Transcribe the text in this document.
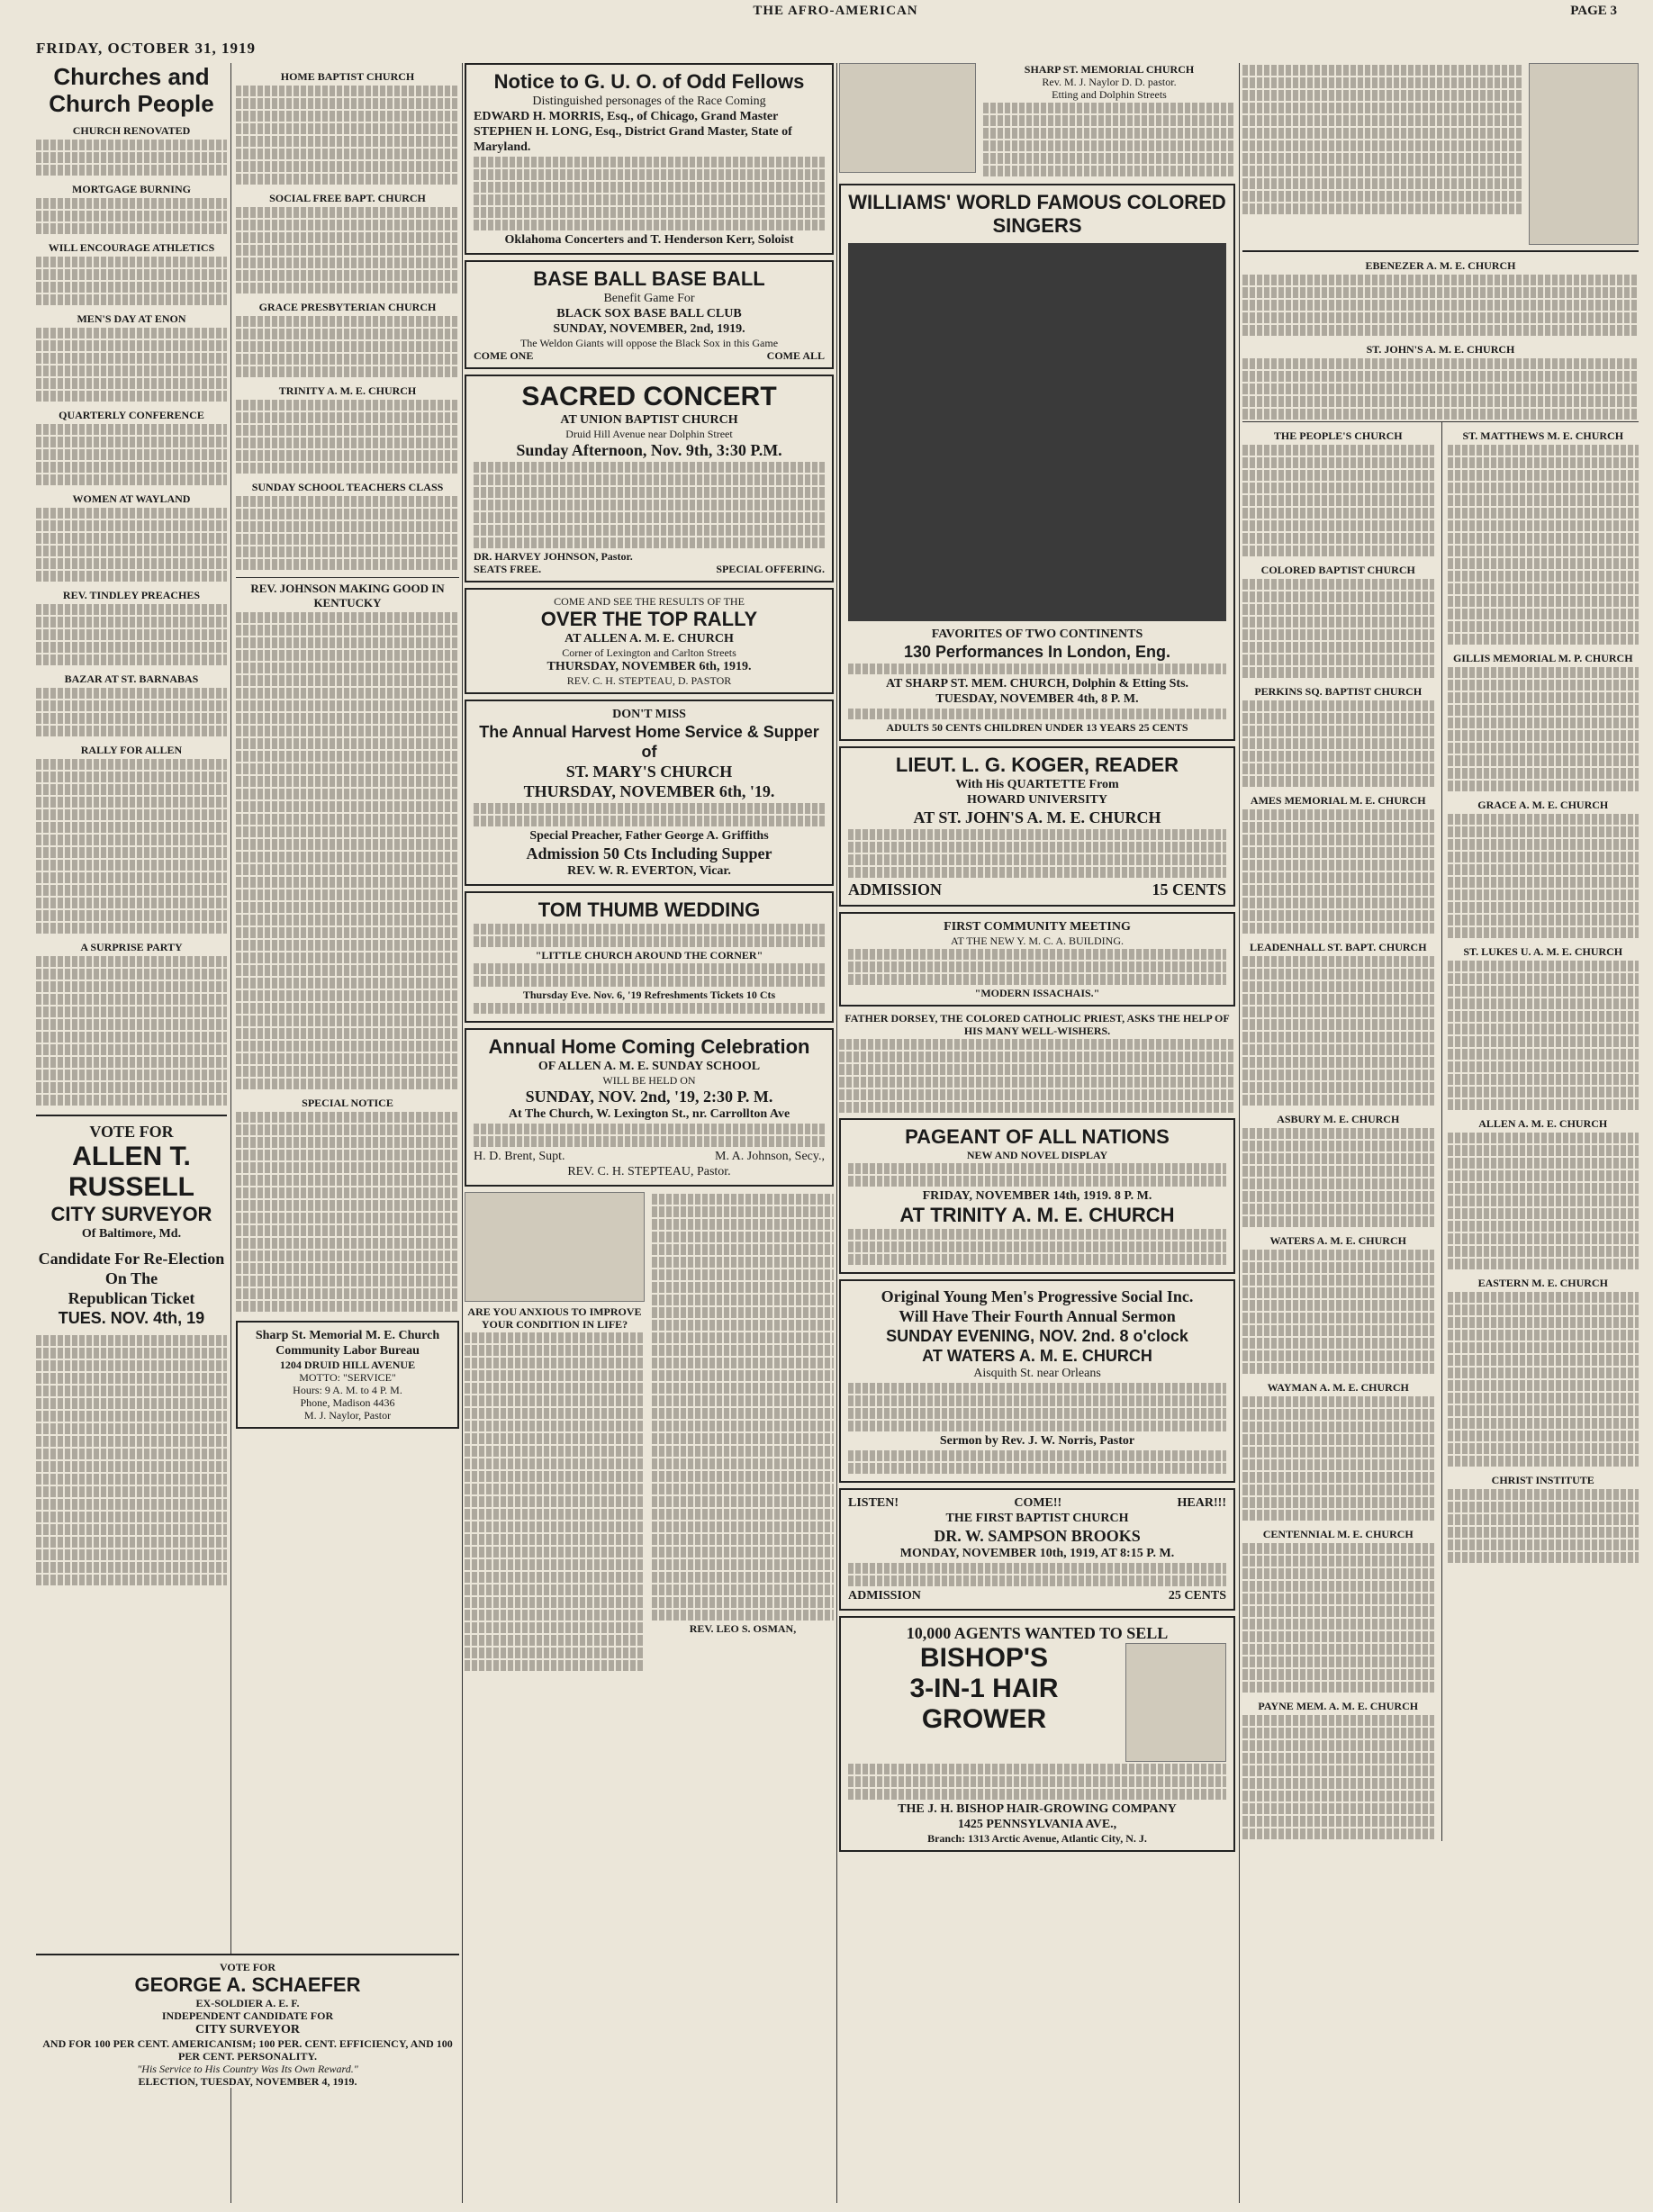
THE AFRO-AMERICAN	PAGE 3
FRIDAY, OCTOBER 31, 1919
Churches and Church People
CHURCH RENOVATED
MORTGAGE BURNING
WILL ENCOURAGE ATHLETICS
MEN'S DAY AT ENON
QUARTERLY CONFERENCE
WOMEN AT WAYLAND
REV. TINDLEY PREACHES
BAZAR AT ST. BARNABAS
RALLY FOR ALLEN
A SURPRISE PARTY
VOTE FOR
ALLEN T. RUSSELL
CITY SURVEYOR
Of Baltimore, Md.
Candidate For Re-Election
On The
Republican Ticket
TUES. NOV. 4th, 19
VOTE FOR
GEORGE A. SCHAEFER
EX-SOLDIER A. E. F.
INDEPENDENT CANDIDATE FOR
CITY SURVEYOR
AND FOR 100 PER CENT. AMERICANISM; 100 PER. CENT. EFFICIENCY, AND 100 PER CENT. PERSONALITY.
"His Service to His Country Was Its Own Reward."
ELECTION, TUESDAY, NOVEMBER 4, 1919.
HOME BAPTIST CHURCH
SOCIAL FREE BAPT. CHURCH
GRACE PRESBYTERIAN CHURCH
TRINITY A. M. E. CHURCH
SUNDAY SCHOOL TEACHERS CLASS
REV. JOHNSON MAKING GOOD IN KENTUCKY
SPECIAL NOTICE
Sharp St. Memorial M. E. Church Community Labor Bureau
1204 DRUID HILL AVENUE
MOTTO: "SERVICE"
Hours: 9 A. M. to 4 P. M.
Phone, Madison 4436
M. J. Naylor, Pastor
Notice to G. U. O. of Odd Fellows
Distinguished personages of the Race Coming
EDWARD H. MORRIS, Esq., of Chicago, Grand Master
STEPHEN H. LONG, Esq., District Grand Master, State of Maryland.
Oklahoma Concerters and T. Henderson Kerr, Soloist
BASE BALL BASE BALL
Benefit Game For
BLACK SOX BASE BALL CLUB
SUNDAY, NOVEMBER, 2nd, 1919.
The Weldon Giants will oppose the Black Sox in this Game
COME ONE	COME ALL
SACRED CONCERT
AT UNION BAPTIST CHURCH
Druid Hill Avenue near Dolphin Street
Sunday Afternoon, Nov. 9th, 3:30 P.M.
DR. HARVEY JOHNSON, Pastor.
SEATS FREE.	SPECIAL OFFERING.
COME AND SEE THE RESULTS OF THE
OVER THE TOP RALLY
AT ALLEN A. M. E. CHURCH
Corner of Lexington and Carlton Streets
THURSDAY, NOVEMBER 6th, 1919.
REV. C. H. STEPTEAU, D. PASTOR
DON'T MISS
The Annual Harvest Home Service & Supper of
ST. MARY'S CHURCH
THURSDAY, NOVEMBER 6th, '19.
Special Preacher, Father George A. Griffiths
Admission 50 Cts Including Supper
REV. W. R. EVERTON, Vicar.
TOM THUMB WEDDING
"LITTLE CHURCH AROUND THE CORNER"
Thursday Eve. Nov. 6, '19 Refreshments Tickets 10 Cts
Annual Home Coming Celebration
OF ALLEN A. M. E. SUNDAY SCHOOL
WILL BE HELD ON
SUNDAY, NOV. 2nd, '19, 2:30 P. M.
At The Church, W. Lexington St., nr. Carrollton Ave
H. D. Brent, Supt.	M. A. Johnson, Secy.,
REV. C. H. STEPTEAU, Pastor.
ARE YOU ANXIOUS TO IMPROVE YOUR CONDITION IN LIFE?
REV. LEO S. OSMAN,
SHARP ST. MEMORIAL CHURCH
Rev. M. J. Naylor D. D. pastor.
Etting and Dolphin Streets
WILLIAMS' WORLD FAMOUS COLORED SINGERS
FAVORITES OF TWO CONTINENTS
130 Performances In London, Eng.
AT SHARP ST. MEM. CHURCH, Dolphin & Etting Sts.
TUESDAY, NOVEMBER 4th, 8 P. M.
ADULTS 50 CENTS CHILDREN UNDER 13 YEARS 25 CENTS
LIEUT. L. G. KOGER, READER
With His QUARTETTE From
HOWARD UNIVERSITY
AT ST. JOHN'S A. M. E. CHURCH
ADMISSION	15 CENTS
FIRST COMMUNITY MEETING
AT THE NEW Y. M. C. A. BUILDING.
"MODERN ISSACHAIS."
FATHER DORSEY, THE COLORED CATHOLIC PRIEST, ASKS THE HELP OF HIS MANY WELL-WISHERS.
PAGEANT OF ALL NATIONS
NEW AND NOVEL DISPLAY
FRIDAY, NOVEMBER 14th, 1919. 8 P. M.
AT TRINITY A. M. E. CHURCH
Original Young Men's Progressive Social Inc.
Will Have Their Fourth Annual Sermon
SUNDAY EVENING, NOV. 2nd. 8 o'clock
AT WATERS A. M. E. CHURCH
Aisquith St. near Orleans
Sermon by Rev. J. W. Norris, Pastor
LISTEN!	COME!!	HEAR!!!
THE FIRST BAPTIST CHURCH
DR. W. SAMPSON BROOKS
MONDAY, NOVEMBER 10th, 1919, AT 8:15 P. M.
ADMISSION	25 CENTS
10,000 AGENTS WANTED TO SELL
BISHOP'S
3-IN-1 HAIR
GROWER
THE J. H. BISHOP HAIR-GROWING COMPANY
1425 PENNSYLVANIA AVE.,
Branch: 1313 Arctic Avenue, Atlantic City, N. J.
EBENEZER A. M. E. CHURCH
ST. JOHN'S A. M. E. CHURCH
THE PEOPLE'S CHURCH
COLORED BAPTIST CHURCH
PERKINS SQ. BAPTIST CHURCH
AMES MEMORIAL M. E. CHURCH
LEADENHALL ST. BAPT. CHURCH
ASBURY M. E. CHURCH
WATERS A. M. E. CHURCH
WAYMAN A. M. E. CHURCH
CENTENNIAL M. E. CHURCH
PAYNE MEM. A. M. E. CHURCH
ST. MATTHEWS M. E. CHURCH
GILLIS MEMORIAL M. P. CHURCH
GRACE A. M. E. CHURCH
ST. LUKES U. A. M. E. CHURCH
ALLEN A. M. E. CHURCH
EASTERN M. E. CHURCH
CHRIST INSTITUTE
